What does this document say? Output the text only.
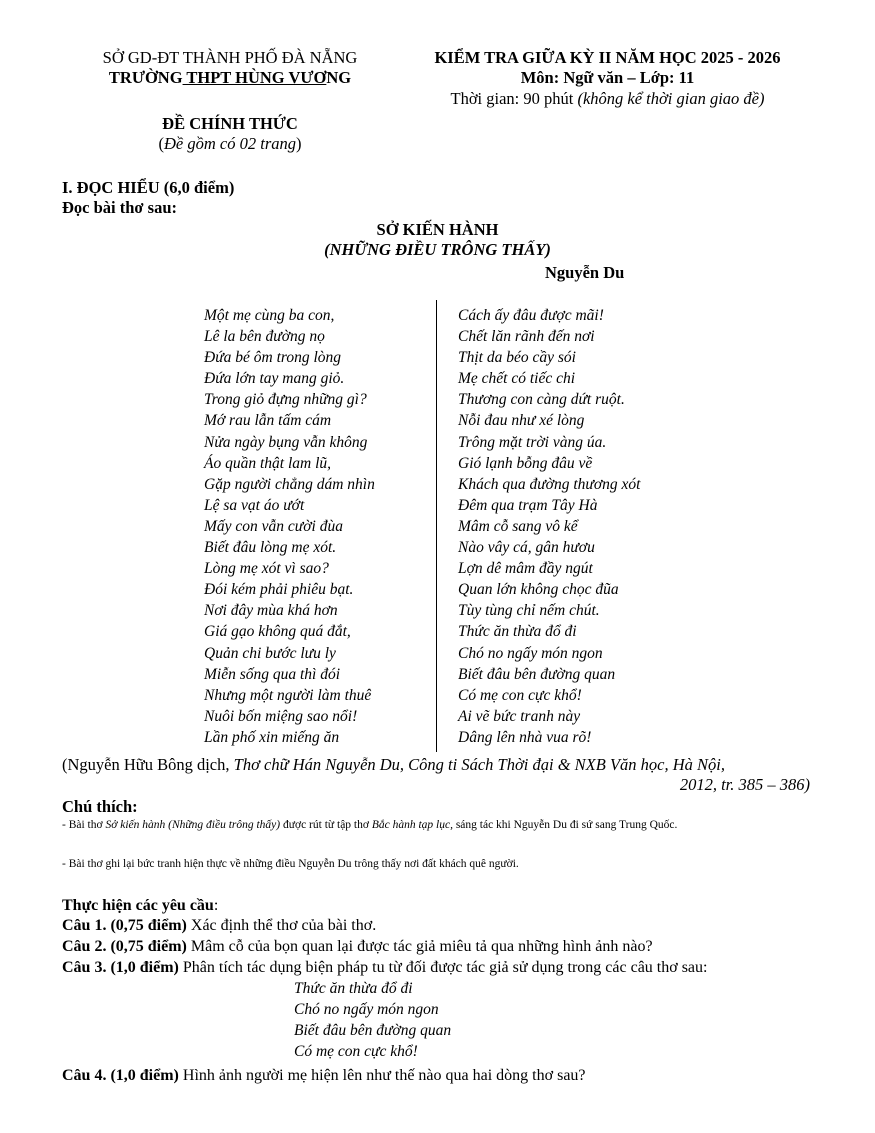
SỞ GD-ĐT THÀNH PHỐ ĐÀ NẴNG
TRƯỜNG THPT HÙNG VƯƠNG
ĐỀ CHÍNH THỨC
(Đề gồm có 02 trang)
KIỂM TRA GIỮA KỲ II NĂM HỌC 2025 - 2026
Môn: Ngữ văn – Lớp: 11
Thời gian: 90 phút (không kể thời gian giao đề)
I. ĐỌC HIỂU (6,0 điểm)
Đọc bài thơ sau:
SỞ KIẾN HÀNH
(NHỮNG ĐIỀU TRÔNG THẤY)
Nguyễn Du
Một mẹ cùng ba con,
Lê la bên đường nọ
Đứa bé ôm trong lòng
Đứa lớn tay mang giỏ.
Trong giỏ đựng những gì?
Mớ rau lẫn tấm cám
Nửa ngày bụng vẫn không
Áo quần thật lam lũ,
Gặp người chẳng dám nhìn
Lệ sa vạt áo ướt
Mấy con vẫn cười đùa
Biết đâu lòng mẹ xót.
Lòng mẹ xót vì sao?
Đói kém phải phiêu bạt.
Nơi đây mùa khá hơn
Giá gạo không quá đắt,
Quản chi bước lưu ly
Miễn sống qua thì đói
Nhưng một người làm thuê
Nuôi bốn miệng sao nổi!
Lần phố xin miếng ăn
Cách ấy đâu được mãi!
Chết lăn rãnh đến nơi
Thịt da béo cầy sói
Mẹ chết có tiếc chi
Thương con càng dứt ruột.
Nỗi đau như xé lòng
Trông mặt trời vàng úa.
Gió lạnh bỗng đâu về
Khách qua đường thương xót
Đêm qua trạm Tây Hà
Mâm cỗ sang vô kể
Nào vây cá, gân hươu
Lợn dê mâm đầy ngút
Quan lớn không chọc đũa
Tùy tùng chỉ nếm chút.
Thức ăn thừa đổ đi
Chó no ngấy món ngon
Biết đâu bên đường quan
Có mẹ con cực khổ!
Ai vẽ bức tranh này
Dâng lên nhà vua rõ!
(Nguyễn Hữu Bông dịch, Thơ chữ Hán Nguyễn Du, Công ti Sách Thời đại & NXB Văn học, Hà Nội,
2012, tr. 385 – 386)
Chú thích:
- Bài thơ Sở kiến hành (Những điều trông thấy) được rút từ tập thơ Bắc hành tạp lục, sáng tác khi Nguyễn Du đi sứ sang Trung Quốc.
- Bài thơ ghi lại bức tranh hiện thực về những điều Nguyễn Du trông thấy nơi đất khách quê người.
Thực hiện các yêu cầu:
Câu 1. (0,75 điểm) Xác định thể thơ của bài thơ.
Câu 2. (0,75 điểm) Mâm cỗ của bọn quan lại được tác giả miêu tả qua những hình ảnh nào?
Câu 3. (1,0 điểm) Phân tích tác dụng biện pháp tu từ đối được tác giả sử dụng trong các câu thơ sau:
Thức ăn thừa đổ đi
Chó no ngấy món ngon
Biết đâu bên đường quan
Có mẹ con cực khổ!
Câu 4. (1,0 điểm) Hình ảnh người mẹ hiện lên như thế nào qua hai dòng thơ sau?
